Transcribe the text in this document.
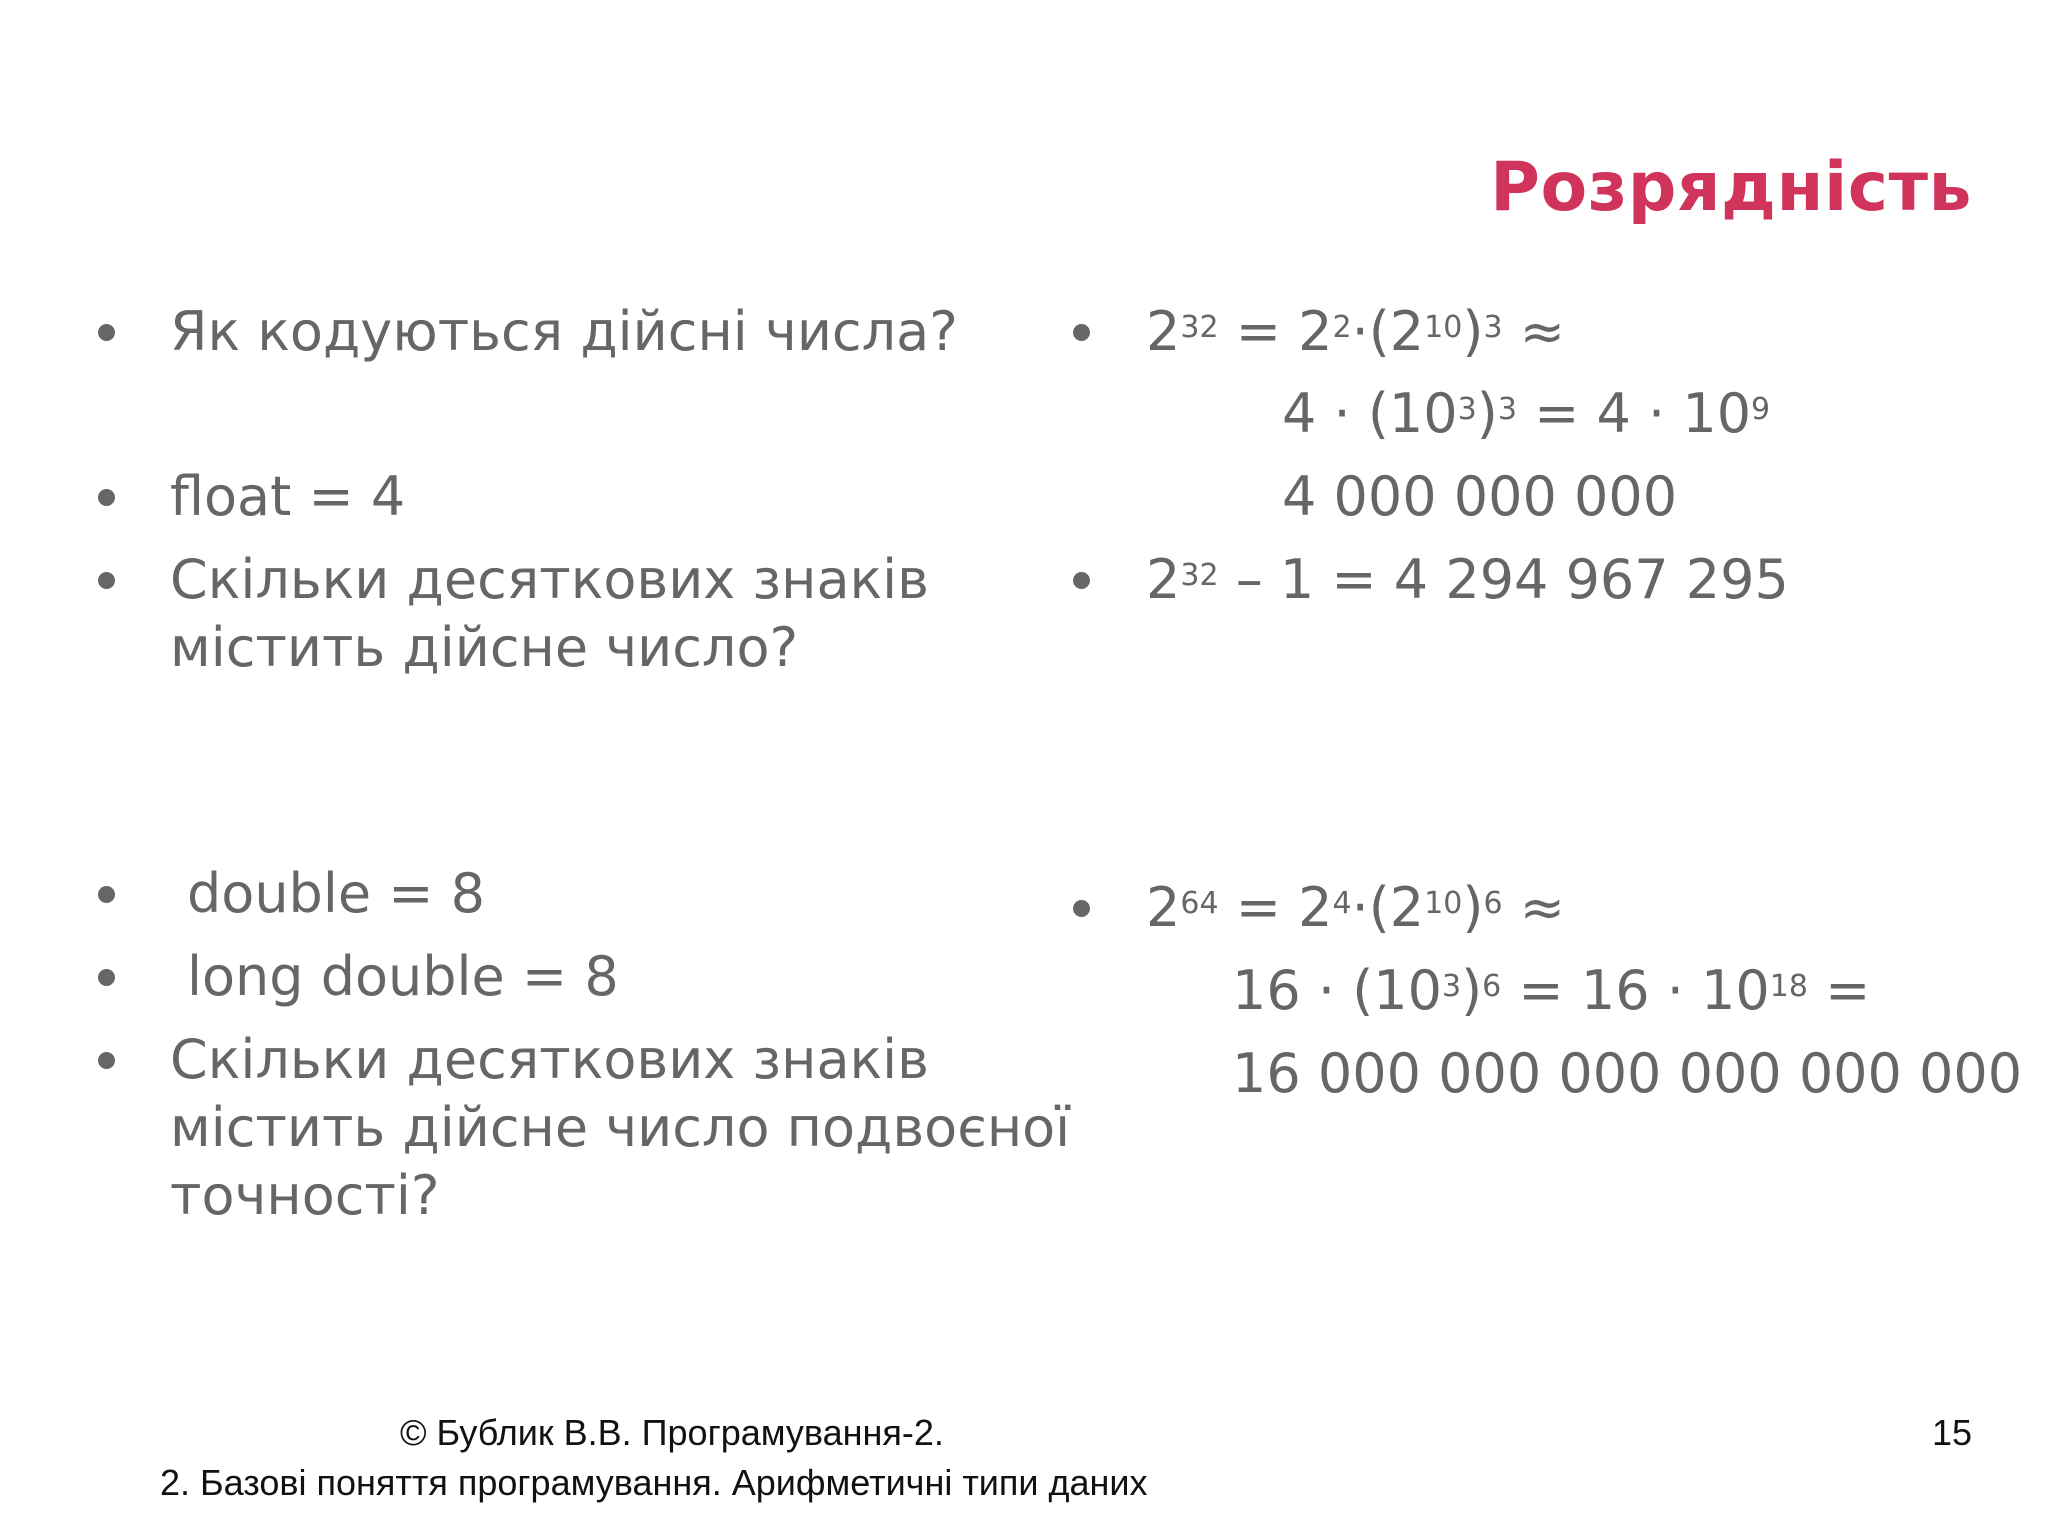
Розрядність
Як кодуються дійсні числа?
float = 4
Скільки десяткових знаків
містить дійсне число?
double = 8
long double = 8
Скільки десяткових знаків
містить дійсне число подвоєної
точності?
$2^{32} = 2^2\cdot(2^{10})^3$ ≈
$4 \cdot (10^3)^3 = 4 \cdot 10^9$
4 000 000 000
$2^{32} - 1 = 4$ 294 967 295
$2^{64} = 2^4\cdot(2^{10})^6$ ≈
$16 \cdot (10^3)^6 = 16 \cdot 10^{18}$ =
16 000 000 000 000 000 000
© Бублик В.В. Програмування-2.
2. Базові поняття програмування. Арифметичні типи даних
15
